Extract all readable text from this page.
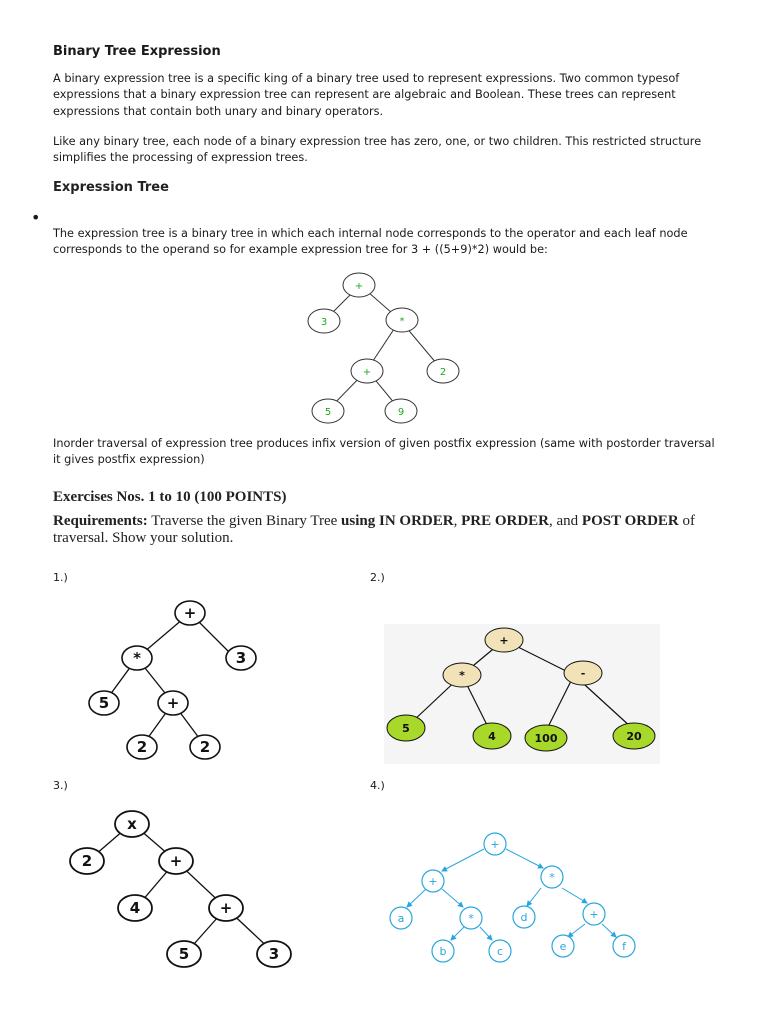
Binary Tree Expression
A binary expression tree is a specific king of a binary tree used to represent expressions. Two common typesof expressions that a binary expression tree can represent are algebraic and Boolean. These trees can represent expressions that contain both unary and binary operators.
Like any binary tree, each node of a binary expression tree has zero, one, or two children. This restricted structure simplifies the processing of expression trees.
Expression Tree
•
The expression tree is a binary tree in which each internal node corresponds to the operator and each leaf node corresponds to the operand so for example expression tree for 3 + ((5+9)*2) would be:
+
3	*
+	2
5	9
Inorder traversal of expression tree produces infix version of given postfix expression (same with postorder traversal it gives postfix expression)
Exercises Nos. 1 to 10 (100 POINTS)
Requirements: Traverse the given Binary Tree using IN ORDER, PRE ORDER, and POST ORDER of traversal. Show your solution.
1.)	2.)
3.)	4.)
+
*	3
5	+
2	2
+
*	-
5
4	100	20
x
2	+
4	+
5	3
+
+	*
a	*	d	+
b	c	e	f
